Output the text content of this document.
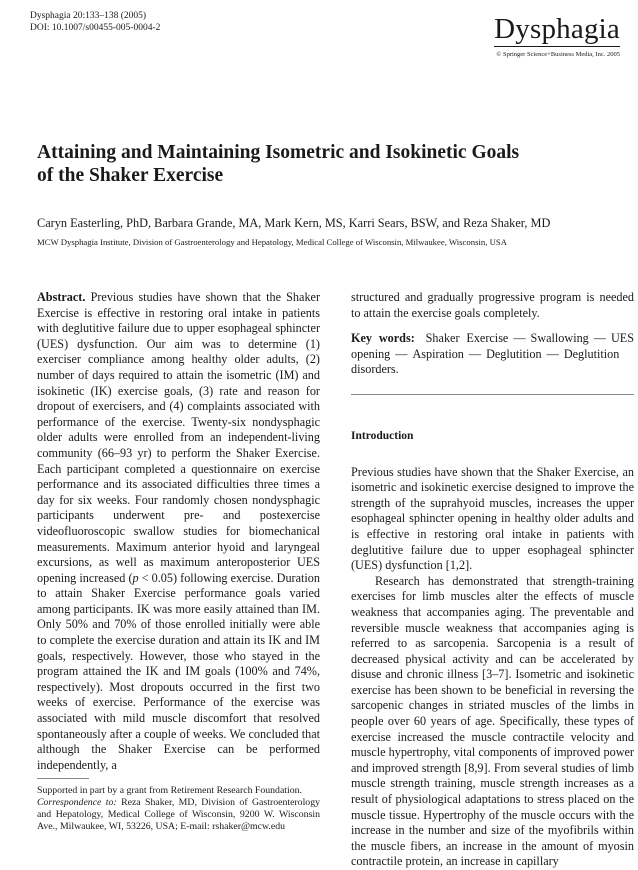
Dysphagia 20:133–138 (2005)
DOI: 10.1007/s00455-005-0004-2	Dysphagia
© Springer Science+Business Media, Inc. 2005
Attaining and Maintaining Isometric and Isokinetic Goals
of the Shaker Exercise
Caryn Easterling, PhD, Barbara Grande, MA, Mark Kern, MS, Karri Sears, BSW, and Reza Shaker, MD
MCW Dysphagia Institute, Division of Gastroenterology and Hepatology, Medical College of Wisconsin, Milwaukee, Wisconsin, USA

Abstract. Previous studies have shown that the Shaker Exercise is effective in restoring oral intake in patients with deglutitive failure due to upper esophageal sphincter (UES) dysfunction. Our aim was to determine (1) exerciser compliance among healthy older adults, (2) number of days required to attain the isometric (IM) and isokinetic (IK) exercise goals, (3) rate and reason for dropout of exercisers, and (4) complaints associated with performance of the exercise. Twenty-six nondysphagic older adults were enrolled from an independent-living community (66–93 yr) to perform the Shaker Exercise. Each participant completed a questionnaire on exercise performance and its associated difficulties three times a day for six weeks. Four randomly chosen nondysphagic participants underwent pre- and postexercise videofluoroscopic swallow studies for biomechanical measurements. Maximum anterior hyoid and laryngeal excursions, as well as maximum anteroposterior UES opening increased (p < 0.05) following exercise. Duration to attain Shaker Exercise performance goals varied among participants. IK was more easily attained than IM. Only 50% and 70% of those enrolled initially were able to complete the exercise duration and attain its IK and IM goals, respectively. However, those who stayed in the program attained the IK and IM goals (100% and 74%, respectively). Most dropouts occurred in the first two weeks of exercise. Performance of the exercise was associated with mild muscle discomfort that resolved spontaneously after a couple of weeks. We concluded that although the Shaker Exercise can be performed independently, a

Supported in part by a grant from Retirement Research Foundation.

Correspondence to: Reza Shaker, MD, Division of Gastroenterology and Hepatology, Medical College of Wisconsin, 9200 W. Wisconsin Ave., Milwaukee, WI, 53226, USA; E-mail: rshaker@mcw.edu

structured and gradually progressive program is needed to attain the exercise goals completely.

Key words: Shaker Exercise — Swallowing — UES opening — Aspiration — Deglutition — Deglutition disorders.

Introduction

Previous studies have shown that the Shaker Exercise, an isometric and isokinetic exercise designed to improve the strength of the suprahyoid muscles, increases the upper esophageal sphincter opening in healthy older adults and is effective in restoring oral intake in patients with deglutitive failure due to upper esophageal sphincter (UES) dysfunction [1,2].

Research has demonstrated that strength-training exercises for limb muscles alter the effects of muscle weakness that accompanies aging. The preventable and reversible muscle weakness that accompanies aging is referred to as sarcopenia. Sarcopenia is a result of decreased physical activity and can be accelerated by disuse and chronic illness [3–7]. Isometric and isokinetic exercise has been shown to be beneficial in reversing the sarcopenic changes in striated muscles of the limbs in people over 60 years of age. Specifically, these types of exercise increased the muscle contractile velocity and muscle hypertrophy, vital components of improved power and improved strength [8,9]. From several studies of limb muscle strength training, muscle strength increases as a result of physiological adaptations to stress placed on the muscle tissue. Hypertrophy of the muscle occurs with the increase in the number and size of the myofibrils within the muscle fibers, an increase in the amount of myosin contractile protein, an increase in capillary
